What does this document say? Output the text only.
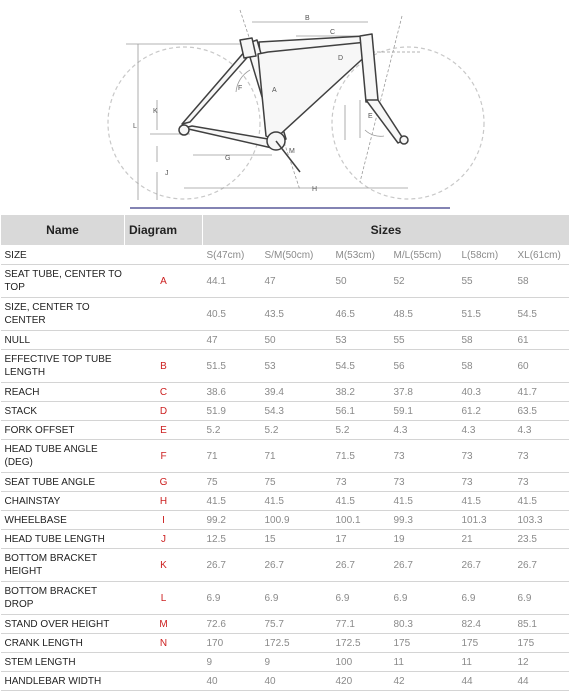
B
C
D
A
F
E
K
L
J
G
M
H
Name	Diagram	Sizes					
SIZE		S(47cm)	S/M(50cm)	M(53cm)	M/L(55cm)	L(58cm)	XL(61cm)
SEAT TUBE, CENTER TO TOP	A	44.1	47	50	52	55	58
SIZE, CENTER TO CENTER		40.5	43.5	46.5	48.5	51.5	54.5
NULL		47	50	53	55	58	61
EFFECTIVE TOP TUBE LENGTH	B	51.5	53	54.5	56	58	60
REACH	C	38.6	39.4	38.2	37.8	40.3	41.7
STACK	D	51.9	54.3	56.1	59.1	61.2	63.5
FORK OFFSET	E	5.2	5.2	5.2	4.3	4.3	4.3
HEAD TUBE ANGLE (DEG)	F	71	71	71.5	73	73	73
SEAT TUBE ANGLE	G	75	75	73	73	73	73
CHAINSTAY	H	41.5	41.5	41.5	41.5	41.5	41.5
WHEELBASE	I	99.2	100.9	100.1	99.3	101.3	103.3
HEAD TUBE LENGTH	J	12.5	15	17	19	21	23.5
BOTTOM BRACKET HEIGHT	K	26.7	26.7	26.7	26.7	26.7	26.7
BOTTOM BRACKET DROP	L	6.9	6.9	6.9	6.9	6.9	6.9
STAND OVER HEIGHT	M	72.6	75.7	77.1	80.3	82.4	85.1
CRANK LENGTH	N	170	172.5	172.5	175	175	175
STEM LENGTH		9	9	100	11	11	12
HANDLEBAR WIDTH		40	40	420	42	44	44
